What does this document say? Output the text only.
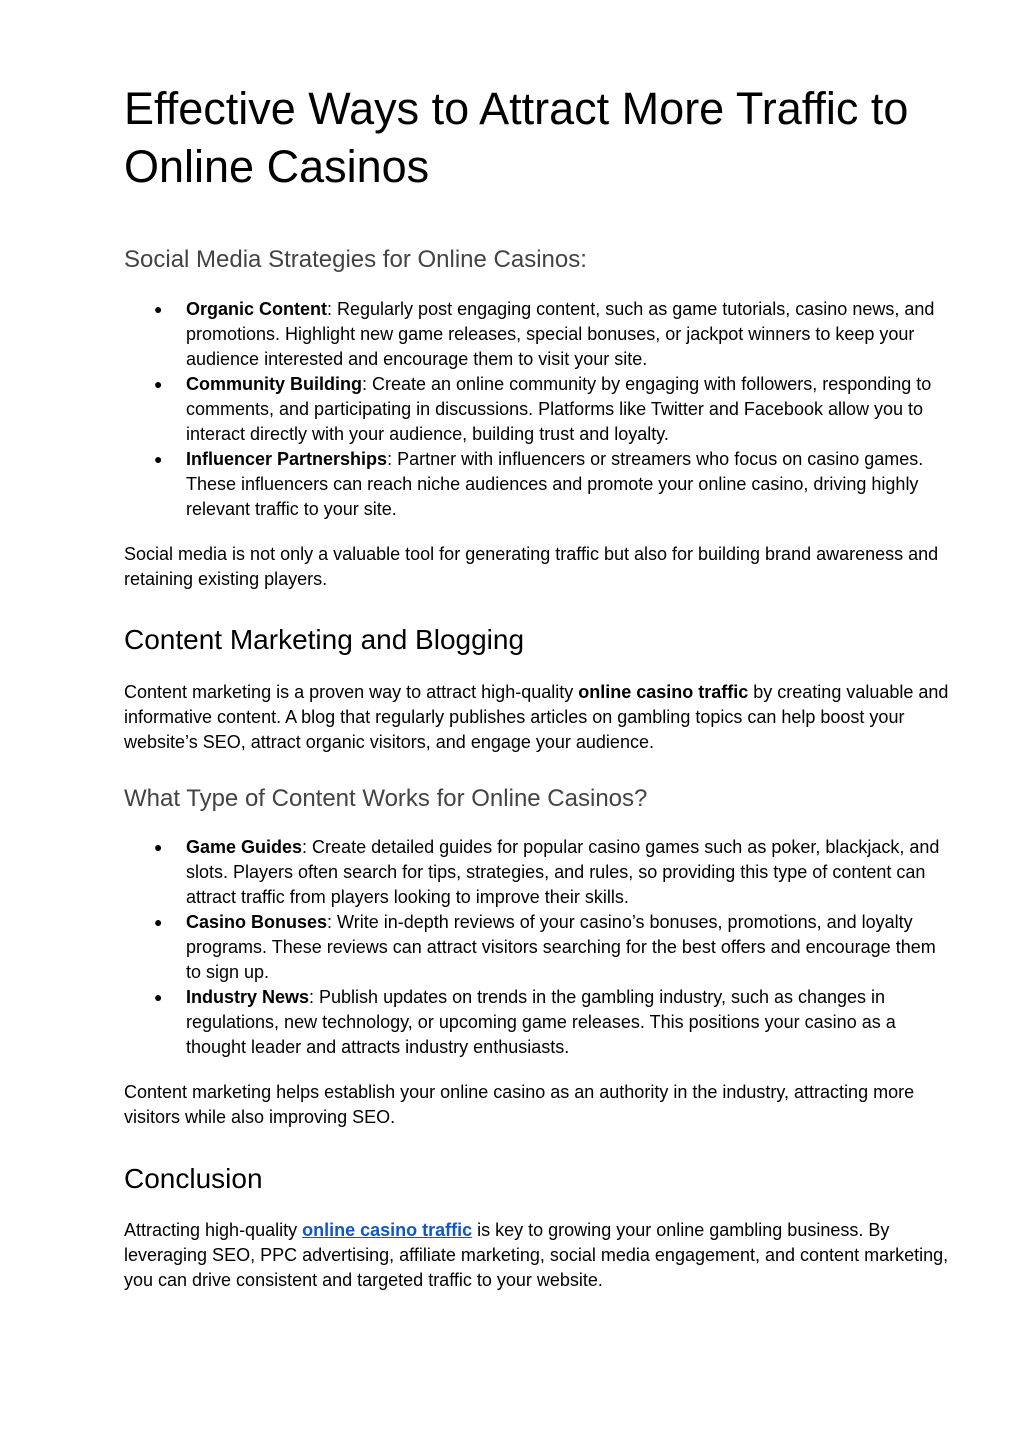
Effective Ways to Attract More Traffic to Online Casinos
Social Media Strategies for Online Casinos:
● Organic Content: Regularly post engaging content, such as game tutorials, casino news, and promotions. Highlight new game releases, special bonuses, or jackpot winners to keep your audience interested and encourage them to visit your site.
● Community Building: Create an online community by engaging with followers, responding to comments, and participating in discussions. Platforms like Twitter and Facebook allow you to interact directly with your audience, building trust and loyalty.
● Influencer Partnerships: Partner with influencers or streamers who focus on casino games. These influencers can reach niche audiences and promote your online casino, driving highly relevant traffic to your site.

Social media is not only a valuable tool for generating traffic but also for building brand awareness and retaining existing players.

Content Marketing and Blogging

Content marketing is a proven way to attract high-quality online casino traffic by creating valuable and informative content. A blog that regularly publishes articles on gambling topics can help boost your website’s SEO, attract organic visitors, and engage your audience.

What Type of Content Works for Online Casinos?
● Game Guides: Create detailed guides for popular casino games such as poker, blackjack, and slots. Players often search for tips, strategies, and rules, so providing this type of content can attract traffic from players looking to improve their skills.
● Casino Bonuses: Write in-depth reviews of your casino’s bonuses, promotions, and loyalty programs. These reviews can attract visitors searching for the best offers and encourage them to sign up.
● Industry News: Publish updates on trends in the gambling industry, such as changes in regulations, new technology, or upcoming game releases. This positions your casino as a thought leader and attracts industry enthusiasts.

Content marketing helps establish your online casino as an authority in the industry, attracting more visitors while also improving SEO.

Conclusion

Attracting high-quality online casino traffic is key to growing your online gambling business. By leveraging SEO, PPC advertising, affiliate marketing, social media engagement, and content marketing, you can drive consistent and targeted traffic to your website.
